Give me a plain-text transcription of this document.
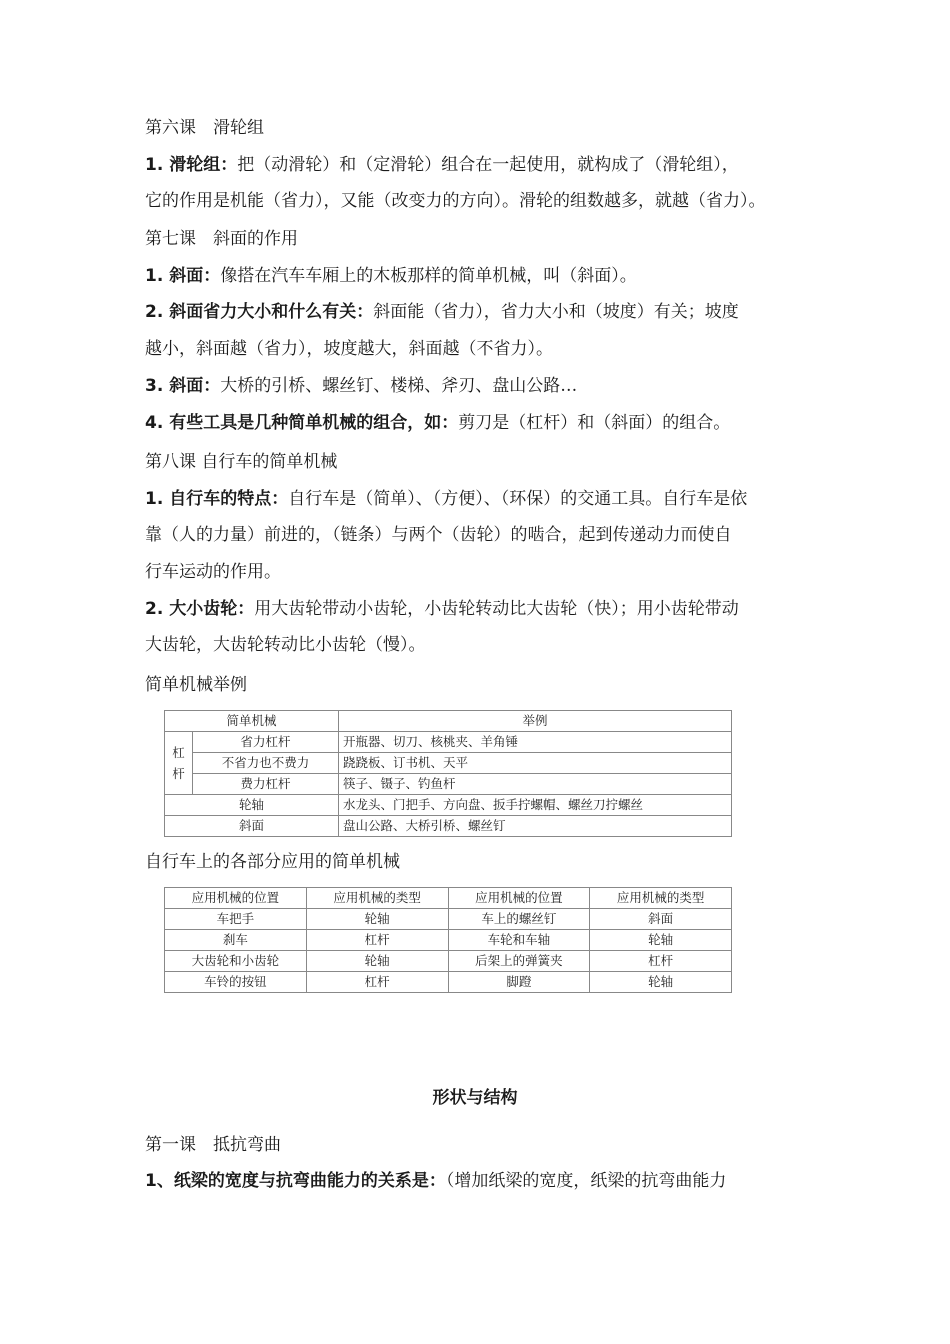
第六课　滑轮组
1. 滑轮组：把（动滑轮）和（定滑轮）组合在一起使用，就构成了（滑轮组），
它的作用是机能（省力），又能（改变力的方向）。滑轮的组数越多，就越（省力）。
第七课　斜面的作用
1. 斜面：像搭在汽车车厢上的木板那样的简单机械，叫（斜面）。
2. 斜面省力大小和什么有关：斜面能（省力），省力大小和（坡度）有关；坡度
越小，斜面越（省力），坡度越大，斜面越（不省力）。
3. 斜面：大桥的引桥、螺丝钉、楼梯、斧刃、盘山公路…
4. 有些工具是几种简单机械的组合，如：剪刀是（杠杆）和（斜面）的组合。
第八课 自行车的简单机械
1. 自行车的特点：自行车是（简单）、（方便）、（环保）的交通工具。自行车是依
靠（人的力量）前进的，（链条）与两个（齿轮）的啮合，起到传递动力而使自
行车运动的作用。
2. 大小齿轮：用大齿轮带动小齿轮，小齿轮转动比大齿轮（快）；用小齿轮带动
大齿轮，大齿轮转动比小齿轮（慢）。
简单机械举例
简单机械		举例
杠
杆	省力杠杆	开瓶器、切刀、核桃夹、羊角锤
	不省力也不费力	跷跷板、订书机、天平
	费力杠杆	筷子、镊子、钓鱼杆
轮轴		水龙头、门把手、方向盘、扳手拧螺帽、螺丝刀拧螺丝
斜面		盘山公路、大桥引桥、螺丝钉
自行车上的各部分应用的简单机械
应用机械的位置	应用机械的类型	应用机械的位置	应用机械的类型
车把手	轮轴	车上的螺丝钉	斜面
刹车	杠杆	车轮和车轴	轮轴
大齿轮和小齿轮	轮轴	后架上的弹簧夹	杠杆
车铃的按钮	杠杆	脚蹬	轮轴
形状与结构
第一课　抵抗弯曲
1、纸梁的宽度与抗弯曲能力的关系是：（增加纸梁的宽度，纸梁的抗弯曲能力
